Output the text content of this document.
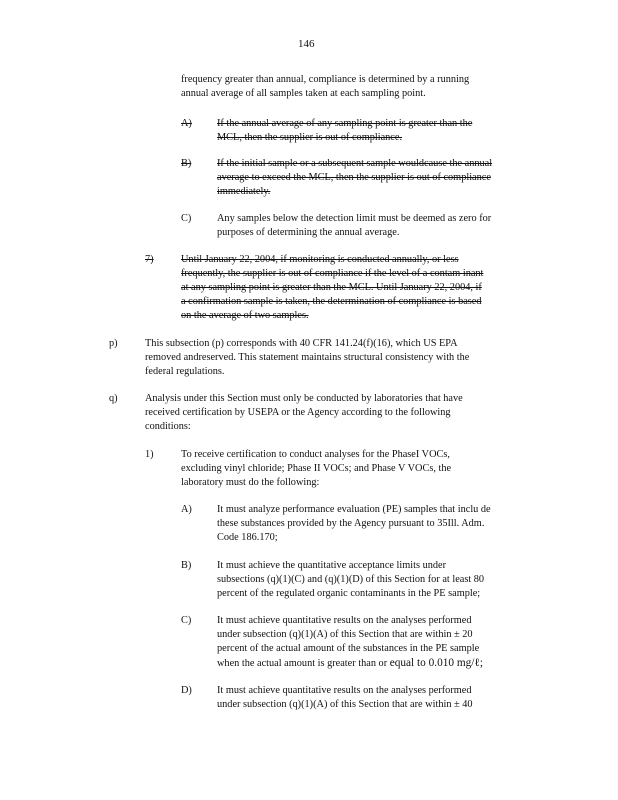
146
frequency greater than annual, compliance is determined by a running
annual average of all samples taken at each sampling point.
A) If the annual average of any sampling point is greater than the
MCL, then the supplier is out of compliance.
B) If the initial sample or a subsequent sample wouldcause the annual
average to exceed the MCL, then the supplier is out of compliance
immediately.
C) Any samples below the detection limit must be deemed as zero for
purposes of determining the annual average.
7)	Until January 22, 2004, if monitoring is conducted annually, or less
frequently, the supplier is out of compliance if the level of a contam inant
at any sampling point is greater than the MCL. Until January 22, 2004, if
a confirmation sample is taken, the determination of compliance is based
on the average of two samples.
p)	This subsection (p) corresponds with 40 CFR 141.24(f)(16), which US EPA
removed andreserved. This statement maintains structural consistency with the
federal regulations.
q)	Analysis under this Section must only be conducted by laboratories that have
received certification by USEPA or the Agency according to the following
conditions:
1)	To receive certification to conduct analyses for the PhaseI VOCs,
excluding vinyl chloride; Phase II VOCs; and Phase V VOCs, the
laboratory must do the following:
A) It must analyze performance evaluation (PE) samples that inclu de
these substances provided by the Agency pursuant to 35Ill. Adm.
Code 186.170;
B) It must achieve the quantitative acceptance limits under
subsections (q)(1)(C) and (q)(1)(D) of this Section for at least 80
percent of the regulated organic contaminants in the PE sample;
C) It must achieve quantitative results on the analyses performed
under subsection (q)(1)(A) of this Section that are within ± 20
percent of the actual amount of the substances in the PE sample
when the actual amount is greater than or equal to 0.010 mg/ℓ;
D) It must achieve quantitative results on the analyses performed
under subsection (q)(1)(A) of this Section that are within ± 40
